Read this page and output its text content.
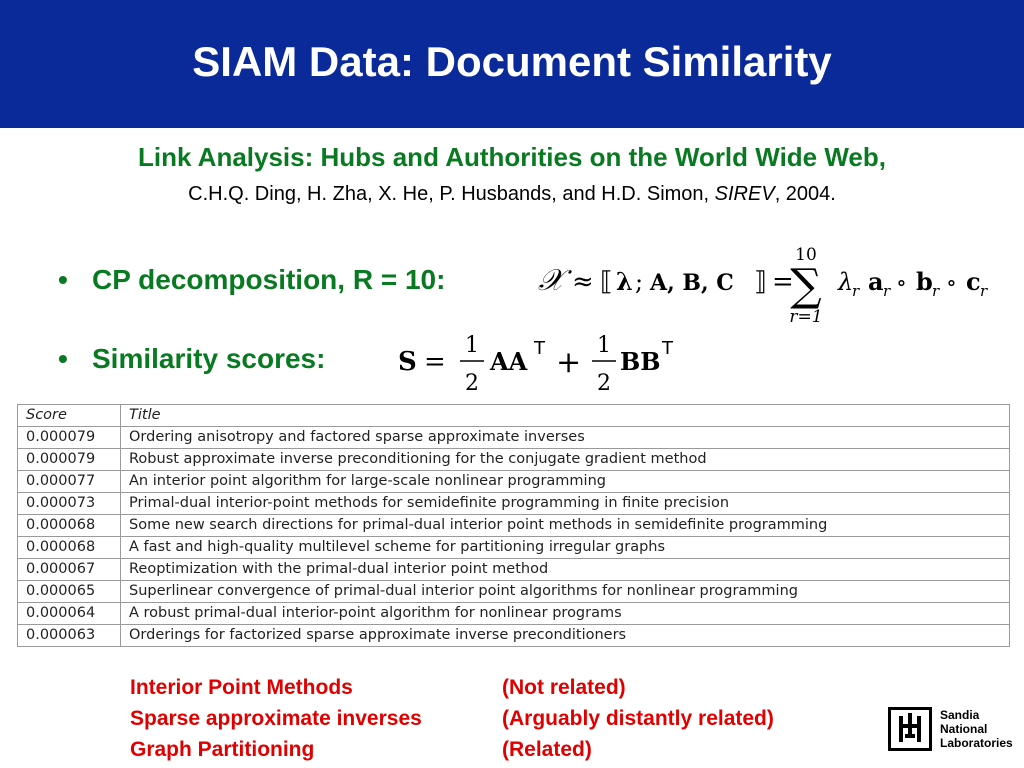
SIAM Data: Document Similarity
Link Analysis: Hubs and Authorities on the World Wide Web,
C.H.Q. Ding, H. Zha, X. He, P. Husbands, and H.D. Simon, SIREV, 2004.
• CP decomposition, R = 10:	𝒳 ≈ ⟦ λ ; A, B, C ⟧ =
10
∑
r=1
λ
r a r ∘ b r ∘ c r
• Similarity scores:	S =
1
2
AA T + 1
2
BB T
Score	Title
0.000079	Ordering anisotropy and factored sparse approximate inverses
0.000079	Robust approximate inverse preconditioning for the conjugate gradient method
0.000077	An interior point algorithm for large-scale nonlinear programming
0.000073	Primal-dual interior-point methods for semidefinite programming in finite precision
0.000068	Some new search directions for primal-dual interior point methods in semidefinite programming
0.000068	A fast and high-quality multilevel scheme for partitioning irregular graphs
0.000067	Reoptimization with the primal-dual interior point method
0.000065	Superlinear convergence of primal-dual interior point algorithms for nonlinear programming
0.000064	A robust primal-dual interior-point algorithm for nonlinear programs
0.000063	Orderings for factorized sparse approximate inverse preconditioners
Interior Point Methods	(Not related)
Sparse approximate inverses	(Arguably distantly related)
Graph Partitioning	(Related)
Sandia
National
Laboratories
